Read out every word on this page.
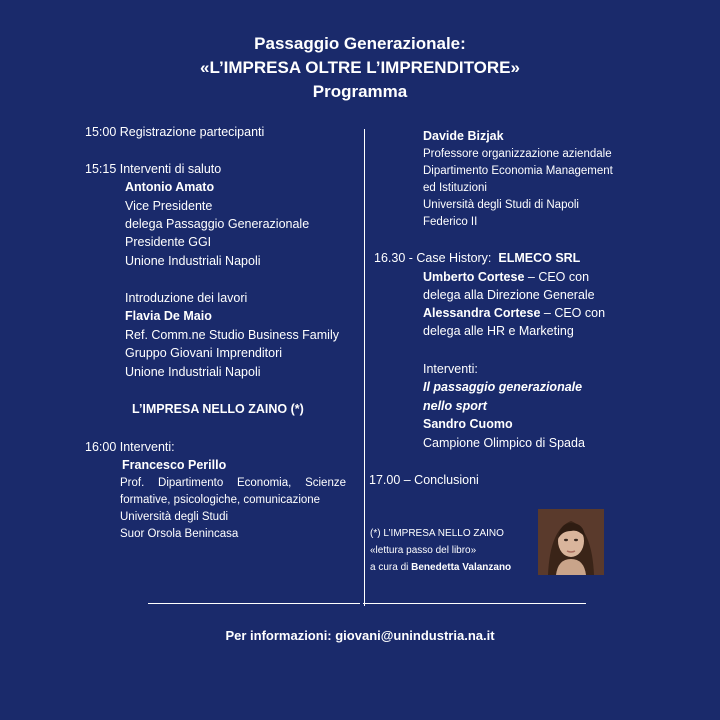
Passaggio Generazionale:
«L’IMPRESA OLTRE L’IMPRENDITORE»
Programma
15:00 Registrazione partecipanti
15:15 Interventi di saluto
Antonio Amato
Vice Presidente
delega Passaggio Generazionale
Presidente GGI
Unione Industriali Napoli
Introduzione dei lavori
Flavia De Maio
Ref. Comm.ne Studio Business Family
Gruppo Giovani Imprenditori
Unione Industriali Napoli
L’IMPRESA NELLO ZAINO (*)
16:00 Interventi:
Francesco Perillo
Prof. Dipartimento Economia, Scienze
formative, psicologiche, comunicazione
Università degli Studi
Suor Orsola Benincasa
Davide Bizjak
Professore organizzazione aziendale
Dipartimento Economia Management
ed Istituzioni
Università degli Studi di Napoli
Federico II
16.30 - Case History: ELMECO SRL
Umberto Cortese – CEO con
delega alla Direzione Generale
Alessandra Cortese – CEO con
delega alle HR e Marketing
Interventi:
Il passaggio generazionale
nello sport
Sandro Cuomo
Campione Olimpico di Spada
17.00 – Conclusioni
(*) L’IMPRESA NELLO ZAINO
«lettura passo del libro»
a cura di Benedetta Valanzano
Per informazioni: giovani@unindustria.na.it
